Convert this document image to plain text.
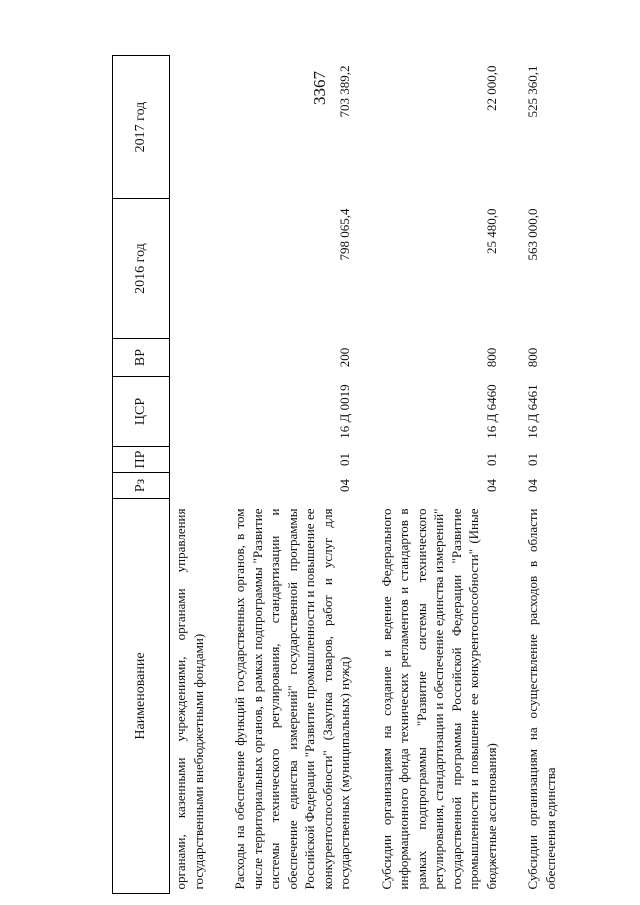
3367
Наименование	Рз	ПР	ЦСР	ВР	2016 год	2017 год
органами, казенными учреждениями, органами управления государственными внебюджетными фондами)						
Расходы на обеспечение функций государственных органов, в том числе территориальных органов, в рамках подпрограммы "Развитие системы технического регулирования, стандартизации и обеспечение единства измерений" государственной программы Российской Федерации "Развитие промышленности и повышение ее конкурентоспособности" (Закупка товаров, работ и услуг для государственных (муниципальных) нужд)	04	01	16 Д 0019	200	798 065,4	703 389,2
Субсидии организациям на создание и ведение Федерального информационного фонда технических регламентов и стандартов в рамках подпрограммы "Развитие системы технического регулирования, стандартизации и обеспечение единства измерений" государственной программы Российской Федерации "Развитие промышленности и повышение ее конкурентоспособности" (Иные бюджетные ассигнования)	04	01	16 Д 6460	800	25 480,0	22 000,0
Субсидии организациям на осуществление расходов в области обеспечения единства	04	01	16 Д 6461	800	563 000,0	525 360,1
